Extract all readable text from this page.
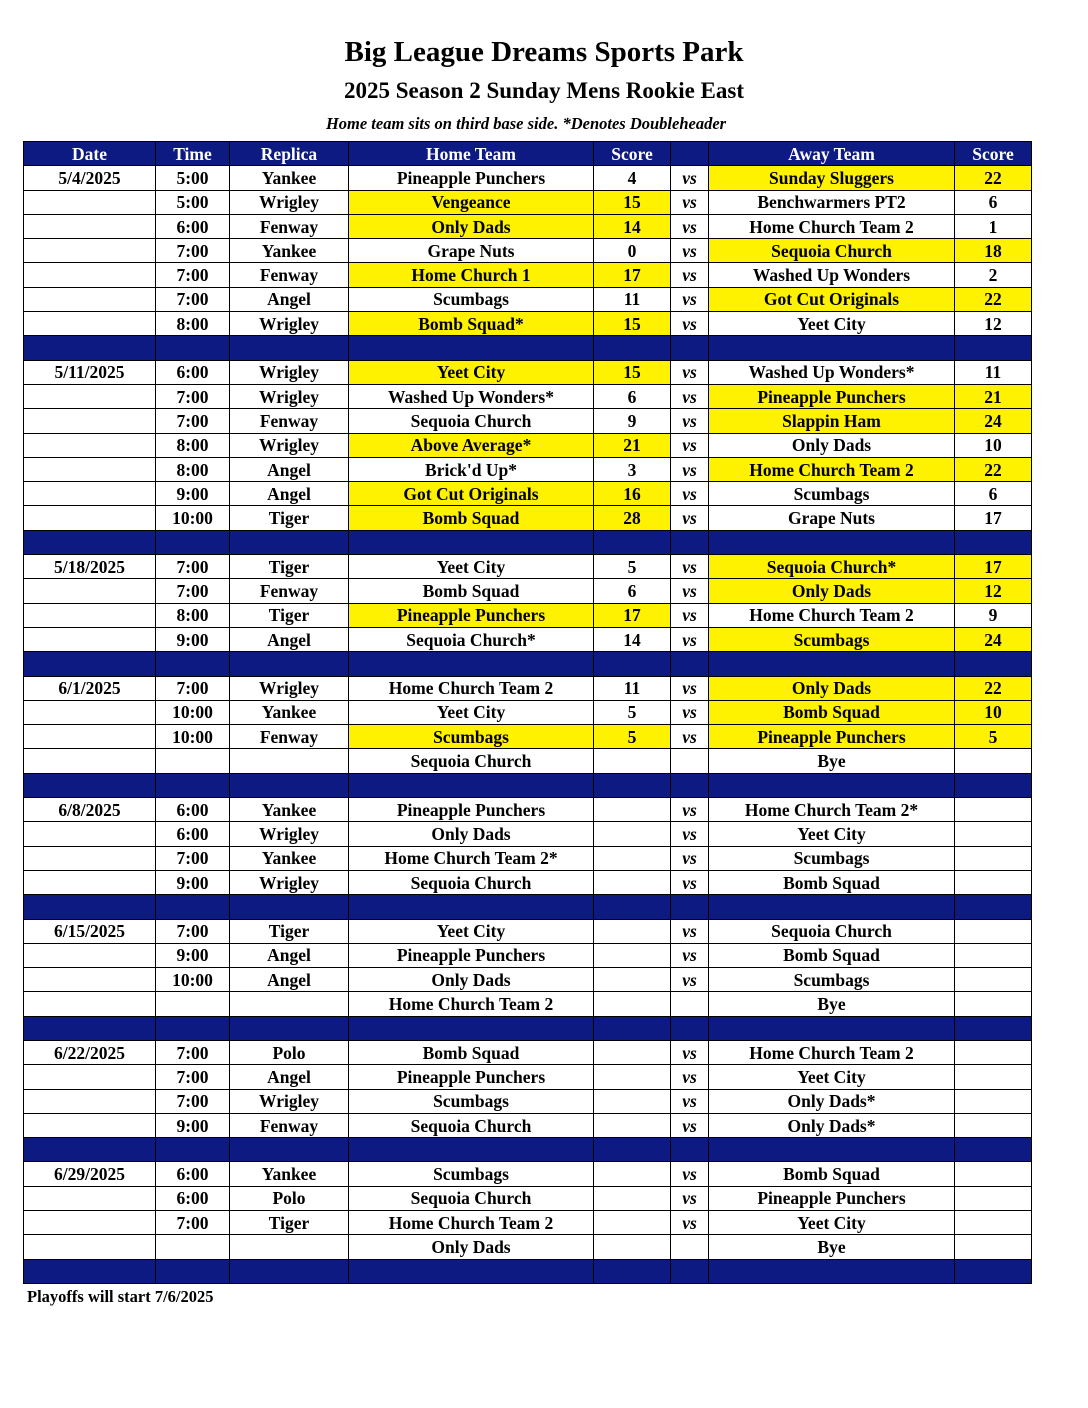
Big League Dreams Sports Park
2025 Season 2 Sunday Mens Rookie East
Home team sits on third base side. *Denotes Doubleheader
Date	Time	Replica	Home Team	Score		Away Team	Score
5/4/2025	5:00	Yankee	Pineapple Punchers	4	vs	Sunday Sluggers	22
	5:00	Wrigley	Vengeance	15	vs	Benchwarmers PT2	6
	6:00	Fenway	Only Dads	14	vs	Home Church Team 2	1
	7:00	Yankee	Grape Nuts	0	vs	Sequoia Church	18
	7:00	Fenway	Home Church 1	17	vs	Washed Up Wonders	2
	7:00	Angel	Scumbags	11	vs	Got Cut Originals	22
	8:00	Wrigley	Bomb Squad*	15	vs	Yeet City	12

5/11/2025	6:00	Wrigley	Yeet City	15	vs	Washed Up Wonders*	11
	7:00	Wrigley	Washed Up Wonders*	6	vs	Pineapple Punchers	21
	7:00	Fenway	Sequoia Church	9	vs	Slappin Ham	24
	8:00	Wrigley	Above Average*	21	vs	Only Dads	10
	8:00	Angel	Brick'd Up*	3	vs	Home Church Team 2	22
	9:00	Angel	Got Cut Originals	16	vs	Scumbags	6
	10:00	Tiger	Bomb Squad	28	vs	Grape Nuts	17

5/18/2025	7:00	Tiger	Yeet City	5	vs	Sequoia Church*	17
	7:00	Fenway	Bomb Squad	6	vs	Only Dads	12
	8:00	Tiger	Pineapple Punchers	17	vs	Home Church Team 2	9
	9:00	Angel	Sequoia Church*	14	vs	Scumbags	24

6/1/2025	7:00	Wrigley	Home Church Team 2	11	vs	Only Dads	22
	10:00	Yankee	Yeet City	5	vs	Bomb Squad	10
	10:00	Fenway	Scumbags	5	vs	Pineapple Punchers	5
			Sequoia Church			Bye	

6/8/2025	6:00	Yankee	Pineapple Punchers		vs	Home Church Team 2*	
	6:00	Wrigley	Only Dads		vs	Yeet City	
	7:00	Yankee	Home Church Team 2*		vs	Scumbags	
	9:00	Wrigley	Sequoia Church		vs	Bomb Squad	

6/15/2025	7:00	Tiger	Yeet City		vs	Sequoia Church	
	9:00	Angel	Pineapple Punchers		vs	Bomb Squad	
	10:00	Angel	Only Dads		vs	Scumbags	
			Home Church Team 2			Bye	

6/22/2025	7:00	Polo	Bomb Squad		vs	Home Church Team 2	
	7:00	Angel	Pineapple Punchers		vs	Yeet City	
	7:00	Wrigley	Scumbags		vs	Only Dads*	
	9:00	Fenway	Sequoia Church		vs	Only Dads*	

6/29/2025	6:00	Yankee	Scumbags		vs	Bomb Squad	
	6:00	Polo	Sequoia Church		vs	Pineapple Punchers	
	7:00	Tiger	Home Church Team 2		vs	Yeet City	
			Only Dads			Bye	

Playoffs will start 7/6/2025
